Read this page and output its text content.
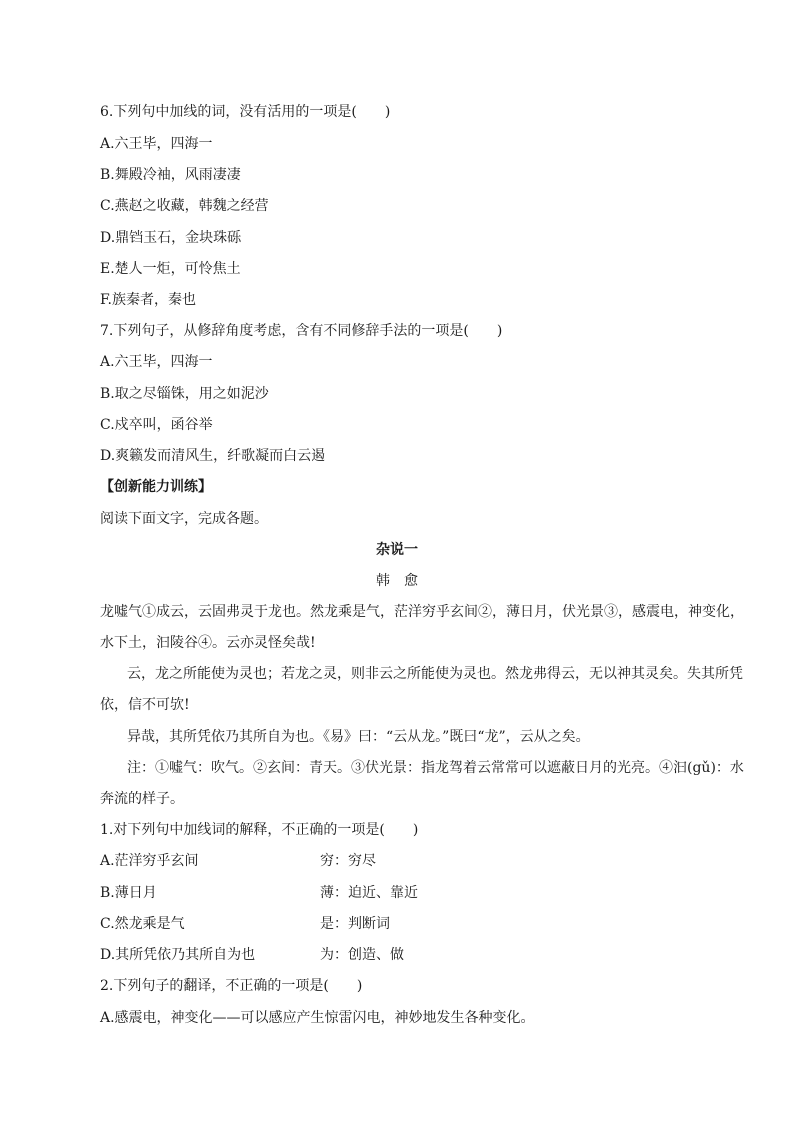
6.下列句中加线的词，没有活用的一项是(　　)
A.六王毕，四海一
B.舞殿冷袖，风雨凄凄
C.燕赵之收藏，韩魏之经营
D.鼎铛玉石，金块珠砾
E.楚人一炬，可怜焦土
F.族秦者，秦也
7.下列句子，从修辞角度考虑，含有不同修辞手法的一项是(　　)
A.六王毕，四海一
B.取之尽锱铢，用之如泥沙
C.戍卒叫，函谷举
D.爽籁发而清风生，纤歌凝而白云遏
【创新能力训练】
阅读下面文字，完成各题。
杂说一
韩　愈
龙嘘气①成云，云固弗灵于龙也。然龙乘是气，茫洋穷乎玄间②，薄日月，伏光景③，感震电，神变化，
水下土，汩陵谷④。云亦灵怪矣哉!
云，龙之所能使为灵也；若龙之灵，则非云之所能使为灵也。然龙弗得云，无以神其灵矣。失其所凭
依，信不可欤!
异哉，其所凭依乃其所自为也。《易》曰：“云从龙。”既曰“龙”，云从之矣。
注：①嘘气：吹气。②玄间：青天。③伏光景：指龙驾着云常常可以遮蔽日月的光亮。④汩(gǔ)：水
奔流的样子。
1.对下列句中加线词的解释，不正确的一项是(　　)
A.茫洋穷乎玄间	穷：穷尽
B.薄日月	薄：迫近、靠近
C.然龙乘是气	是：判断词
D.其所凭依乃其所自为也	为：创造、做
2.下列句子的翻译，不正确的一项是(　　)
A.感震电，神变化——可以感应产生惊雷闪电，神妙地发生各种变化。
